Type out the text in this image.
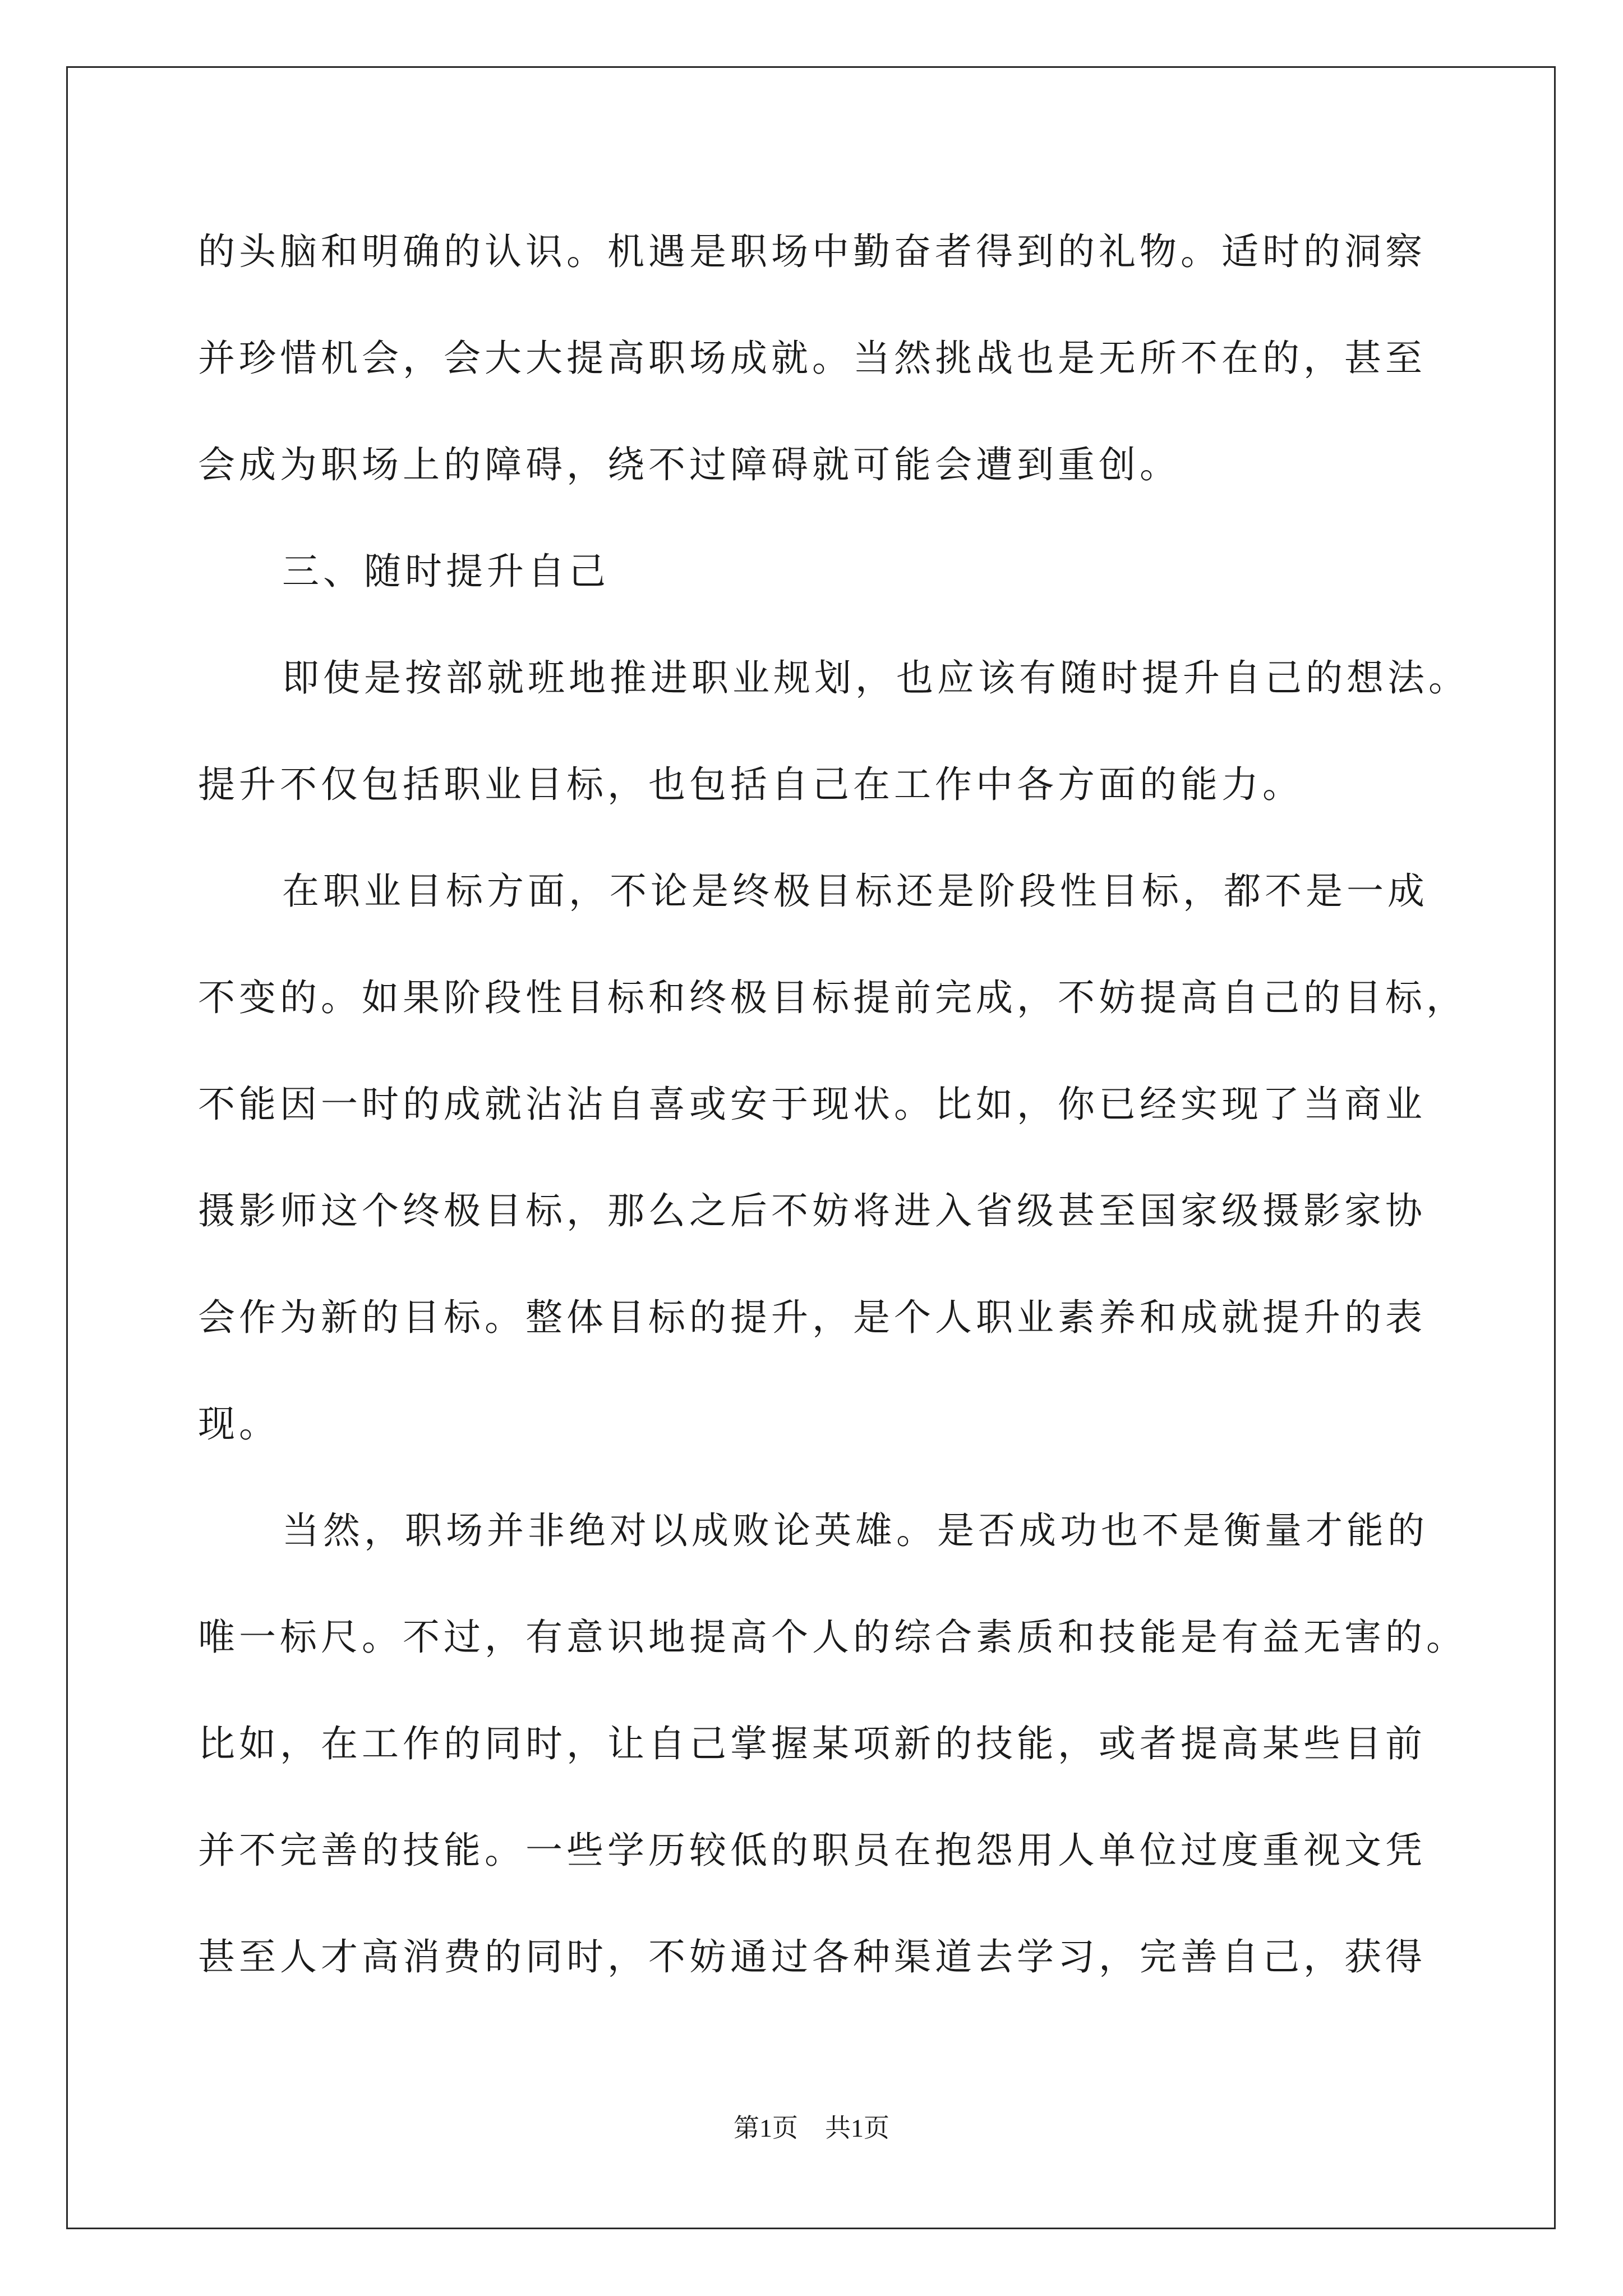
的头脑和明确的认识。机遇是职场中勤奋者得到的礼物。适时的洞察
并珍惜机会，会大大提高职场成就。当然挑战也是无所不在的，甚至
会成为职场上的障碍，绕不过障碍就可能会遭到重创。
三、随时提升自己
即使是按部就班地推进职业规划，也应该有随时提升自己的想法。
提升不仅包括职业目标，也包括自己在工作中各方面的能力。
在职业目标方面，不论是终极目标还是阶段性目标，都不是一成
不变的。如果阶段性目标和终极目标提前完成，不妨提高自己的目标，
不能因一时的成就沾沾自喜或安于现状。比如，你已经实现了当商业
摄影师这个终极目标，那么之后不妨将进入省级甚至国家级摄影家协
会作为新的目标。整体目标的提升，是个人职业素养和成就提升的表
现。
当然，职场并非绝对以成败论英雄。是否成功也不是衡量才能的
唯一标尺。不过，有意识地提高个人的综合素质和技能是有益无害的。
比如，在工作的同时，让自己掌握某项新的技能，或者提高某些目前
并不完善的技能。一些学历较低的职员在抱怨用人单位过度重视文凭
甚至人才高消费的同时，不妨通过各种渠道去学习，完善自己，获得
第1页 共1页
